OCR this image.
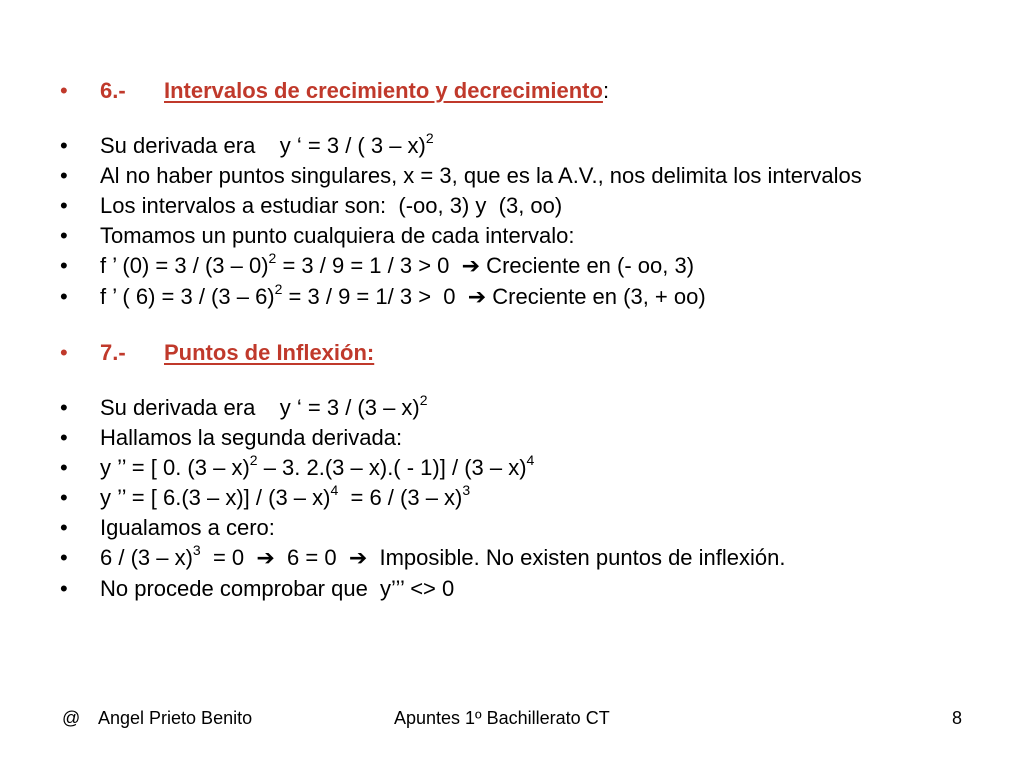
•	6.- Intervalos de crecimiento y decrecimiento:
•	Su derivada era    y ‘ = 3 / ( 3 – x)$^2$
•	Al no haber puntos singulares, x = 3, que es la A.V., nos delimita los intervalos
•	Los intervalos a estudiar son:  (-oo, 3) y  (3, oo)
•	Tomamos un punto cualquiera de cada intervalo:
•	f ’ (0) = 3 / (3 – 0)$^2$ = 3 / 9 = 1 / 3 > 0  ➔ Creciente en (- oo, 3)
•	f ’ ( 6) = 3 / (3 – 6)$^2$ = 3 / 9 = 1/ 3 >  0  ➔ Creciente en (3, + oo)
•	7.- Puntos de Inflexión:
•	Su derivada era    y ‘ = 3 / (3 – x)$^2$
•	Hallamos la segunda derivada:
•	y ’’ = [ 0. (3 – x)$^2$ – 3. 2.(3 – x).( - 1)] / (3 – x)$^4$
•	y ’’ = [ 6.(3 – x)] / (3 – x)$^4$  = 6 / (3 – x)$^3$
•	Igualamos a cero:
•	6 / (3 – x)$^3$  = 0  ➔  6 = 0  ➔  Imposible. No existen puntos de inflexión.
•	No procede comprobar que  y’’’ <> 0
@ Angel Prieto Benito	Apuntes 1º Bachillerato CT	8
